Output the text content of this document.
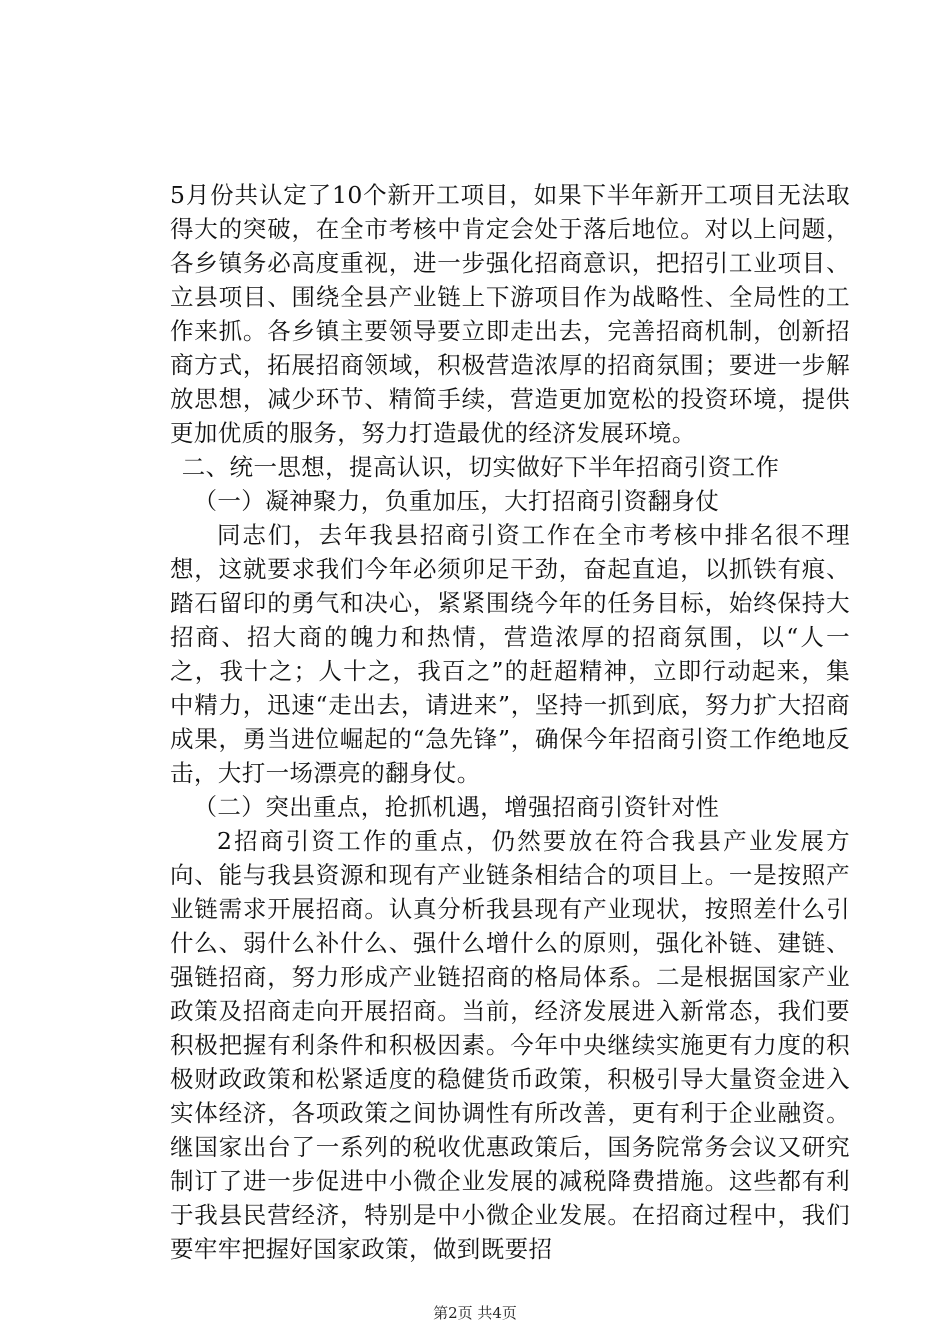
5月份共认定了10个新开工项目，如果下半年新开工项目无法取得大的突破，在全市考核中肯定会处于落后地位。对以上问题，各乡镇务必高度重视，进一步强化招商意识，把招引工业项目、立县项目、围绕全县产业链上下游项目作为战略性、全局性的工作来抓。各乡镇主要领导要立即走出去，完善招商机制，创新招商方式，拓展招商领域，积极营造浓厚的招商氛围；要进一步解放思想，减少环节、精简手续，营造更加宽松的投资环境，提供更加优质的服务，努力打造最优的经济发展环境。

二、统一思想，提高认识，切实做好下半年招商引资工作

（一）凝神聚力，负重加压，大打招商引资翻身仗

同志们，去年我县招商引资工作在全市考核中排名很不理想，这就要求我们今年必须卯足干劲，奋起直追，以抓铁有痕、踏石留印的勇气和决心，紧紧围绕今年的任务目标，始终保持大招商、招大商的魄力和热情，营造浓厚的招商氛围，以“人一之，我十之；人十之，我百之”的赶超精神，立即行动起来，集中精力，迅速“走出去，请进来”，坚持一抓到底，努力扩大招商成果，勇当进位崛起的“急先锋”，确保今年招商引资工作绝地反击，大打一场漂亮的翻身仗。

（二）突出重点，抢抓机遇，增强招商引资针对性

2招商引资工作的重点，仍然要放在符合我县产业发展方向、能与我县资源和现有产业链条相结合的项目上。一是按照产业链需求开展招商。认真分析我县现有产业现状，按照差什么引什么、弱什么补什么、强什么增什么的原则，强化补链、建链、强链招商，努力形成产业链招商的格局体系。二是根据国家产业政策及招商走向开展招商。当前，经济发展进入新常态，我们要积极把握有利条件和积极因素。今年中央继续实施更有力度的积极财政政策和松紧适度的稳健货币政策，积极引导大量资金进入实体经济，各项政策之间协调性有所改善，更有利于企业融资。继国家出台了一系列的税收优惠政策后，国务院常务会议又研究制订了进一步促进中小微企业发展的减税降费措施。这些都有利于我县民营经济，特别是中小微企业发展。在招商过程中，我们要牢牢把握好国家政策，做到既要招

第2页 共4页
